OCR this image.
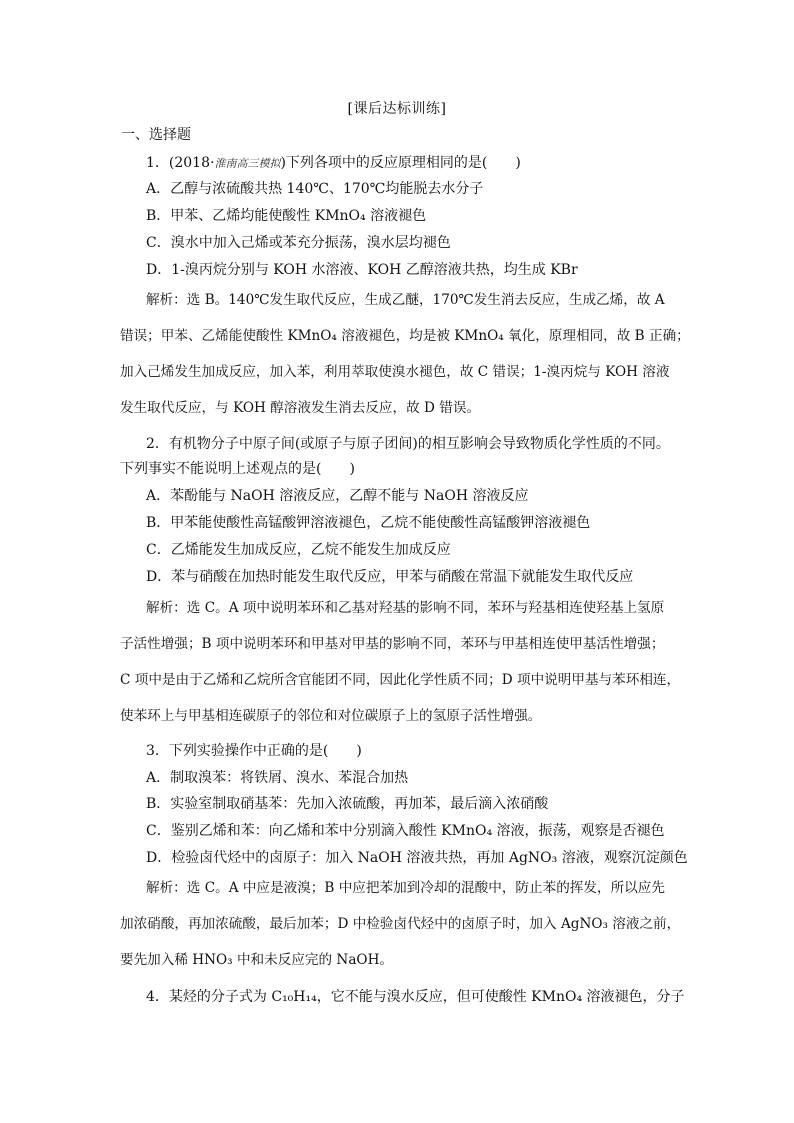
[课后达标训练]
一、选择题
1．(2018·淮南高三模拟)下列各项中的反应原理相同的是(　　)
A．乙醇与浓硫酸共热 140℃、170℃均能脱去水分子
B．甲苯、乙烯均能使酸性 KMnO₄ 溶液褪色
C．溴水中加入己烯或苯充分振荡，溴水层均褪色
D．1-溴丙烷分别与 KOH 水溶液、KOH 乙醇溶液共热，均生成 KBr
解析：选 B。140℃发生取代反应，生成乙醚，170℃发生消去反应，生成乙烯，故 A
错误；甲苯、乙烯能使酸性 KMnO₄ 溶液褪色，均是被 KMnO₄ 氧化，原理相同，故 B 正确；
加入己烯发生加成反应，加入苯，利用萃取使溴水褪色，故 C 错误；1-溴丙烷与 KOH 溶液
发生取代反应，与 KOH 醇溶液发生消去反应，故 D 错误。
2．有机物分子中原子间(或原子与原子团间)的相互影响会导致物质化学性质的不同。
下列事实不能说明上述观点的是(　　)
A．苯酚能与 NaOH 溶液反应，乙醇不能与 NaOH 溶液反应
B．甲苯能使酸性高锰酸钾溶液褪色，乙烷不能使酸性高锰酸钾溶液褪色
C．乙烯能发生加成反应，乙烷不能发生加成反应
D．苯与硝酸在加热时能发生取代反应，甲苯与硝酸在常温下就能发生取代反应
解析：选 C。A 项中说明苯环和乙基对羟基的影响不同，苯环与羟基相连使羟基上氢原
子活性增强；B 项中说明苯环和甲基对甲基的影响不同，苯环与甲基相连使甲基活性增强；
C 项中是由于乙烯和乙烷所含官能团不同，因此化学性质不同；D 项中说明甲基与苯环相连，
使苯环上与甲基相连碳原子的邻位和对位碳原子上的氢原子活性增强。
3．下列实验操作中正确的是(　　)
A．制取溴苯：将铁屑、溴水、苯混合加热
B．实验室制取硝基苯：先加入浓硫酸，再加苯，最后滴入浓硝酸
C．鉴别乙烯和苯：向乙烯和苯中分别滴入酸性 KMnO₄ 溶液，振荡，观察是否褪色
D．检验卤代烃中的卤原子：加入 NaOH 溶液共热，再加 AgNO₃ 溶液，观察沉淀颜色
解析：选 C。A 中应是液溴；B 中应把苯加到冷却的混酸中，防止苯的挥发，所以应先
加浓硝酸，再加浓硫酸，最后加苯；D 中检验卤代烃中的卤原子时，加入 AgNO₃ 溶液之前，
要先加入稀 HNO₃ 中和未反应完的 NaOH。
4．某烃的分子式为 C₁₀H₁₄，它不能与溴水反应，但可使酸性 KMnO₄ 溶液褪色，分子
